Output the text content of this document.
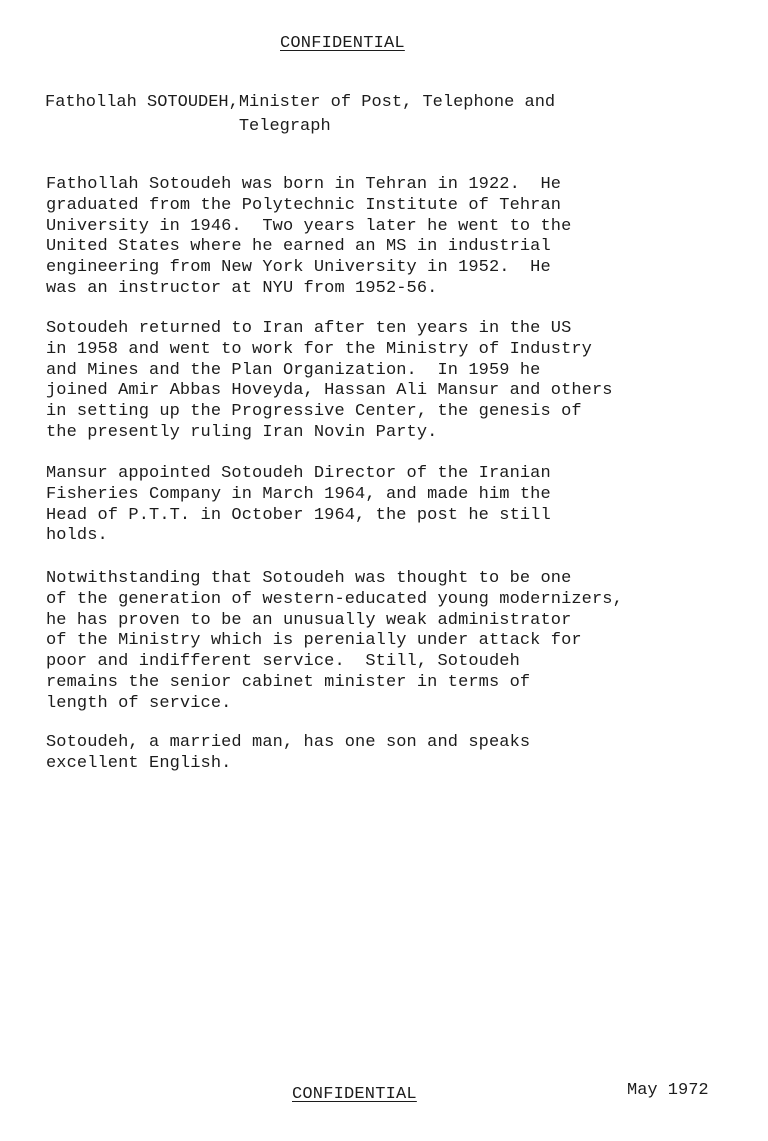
CONFIDENTIAL
Fathollah SOTOUDEH,Minister of Post, Telephone and Telegraph
Fathollah Sotoudeh was born in Tehran in 1922.  He
graduated from the Polytechnic Institute of Tehran
University in 1946.  Two years later he went to the
United States where he earned an MS in industrial
engineering from New York University in 1952.  He
was an instructor at NYU from 1952-56.
Sotoudeh returned to Iran after ten years in the US
in 1958 and went to work for the Ministry of Industry
and Mines and the Plan Organization.  In 1959 he
joined Amir Abbas Hoveyda, Hassan Ali Mansur and others
in setting up the Progressive Center, the genesis of
the presently ruling Iran Novin Party.
Mansur appointed Sotoudeh Director of the Iranian
Fisheries Company in March 1964, and made him the
Head of P.T.T. in October 1964, the post he still
holds.
Notwithstanding that Sotoudeh was thought to be one
of the generation of western-educated young modernizers,
he has proven to be an unusually weak administrator
of the Ministry which is perenially under attack for
poor and indifferent service.  Still, Sotoudeh
remains the senior cabinet minister in terms of
length of service.
Sotoudeh, a married man, has one son and speaks
excellent English.
CONFIDENTIAL	May 1972
